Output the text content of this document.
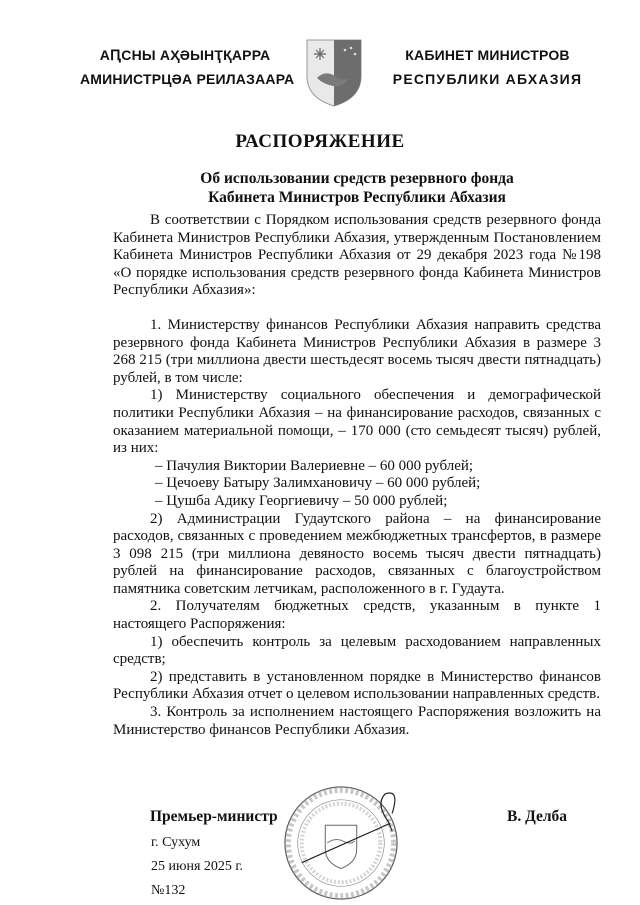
АԤСНЫ АҲӘЫНҬҚАРРА
АМИНИСТРЦӘА РЕИЛАЗААРА
КАБИНЕТ МИНИСТРОВ
РЕСПУБЛИКИ АБХАЗИЯ
РАСПОРЯЖЕНИЕ
Об использовании средств резервного фонда
Кабинета Министров Республики Абхазия

В соответствии с Порядком использования средств резервного фонда Кабинета Министров Республики Абхазия, утвержденным Постановлением Кабинета Министров Республики Абхазия от 29 декабря 2023 года №198 «О порядке использования средств резервного фонда Кабинета Министров Республики Абхазия»:

1. Министерству финансов Республики Абхазия направить средства резервного фонда Кабинета Министров Республики Абхазия в размере 3 268 215 (три миллиона двести шестьдесят восемь тысяч двести пятнадцать) рублей, в том числе:

1) Министерству социального обеспечения и демографической политики Республики Абхазия – на финансирование расходов, связанных с оказанием материальной помощи, – 170 000 (сто семьдесят тысяч) рублей, из них:

– Пачулия Виктории Валериевне – 60 000 рублей;

– Цечоеву Батыру Залимхановичу – 60 000 рублей;

– Цушба Адику Георгиевичу – 50 000 рублей;

2) Администрации Гудаутского района – на финансирование расходов, связанных с проведением межбюджетных трансфертов, в размере 3 098 215 (три миллиона девяносто восемь тысяч двести пятнадцать) рублей на финансирование расходов, связанных с благоустройством памятника советским летчикам, расположенного в г. Гудаута.

2. Получателям бюджетных средств, указанным в пункте 1 настоящего Распоряжения:

1) обеспечить контроль за целевым расходованием направленных средств;

2) представить в установленном порядке в Министерство финансов Республики Абхазия отчет о целевом использовании направленных средств.

3. Контроль за исполнением настоящего Распоряжения возложить на Министерство финансов Республики Абхазия.

Премьер-министр	В. Делба
г. Сухум
25 июня 2025 г.
№132
